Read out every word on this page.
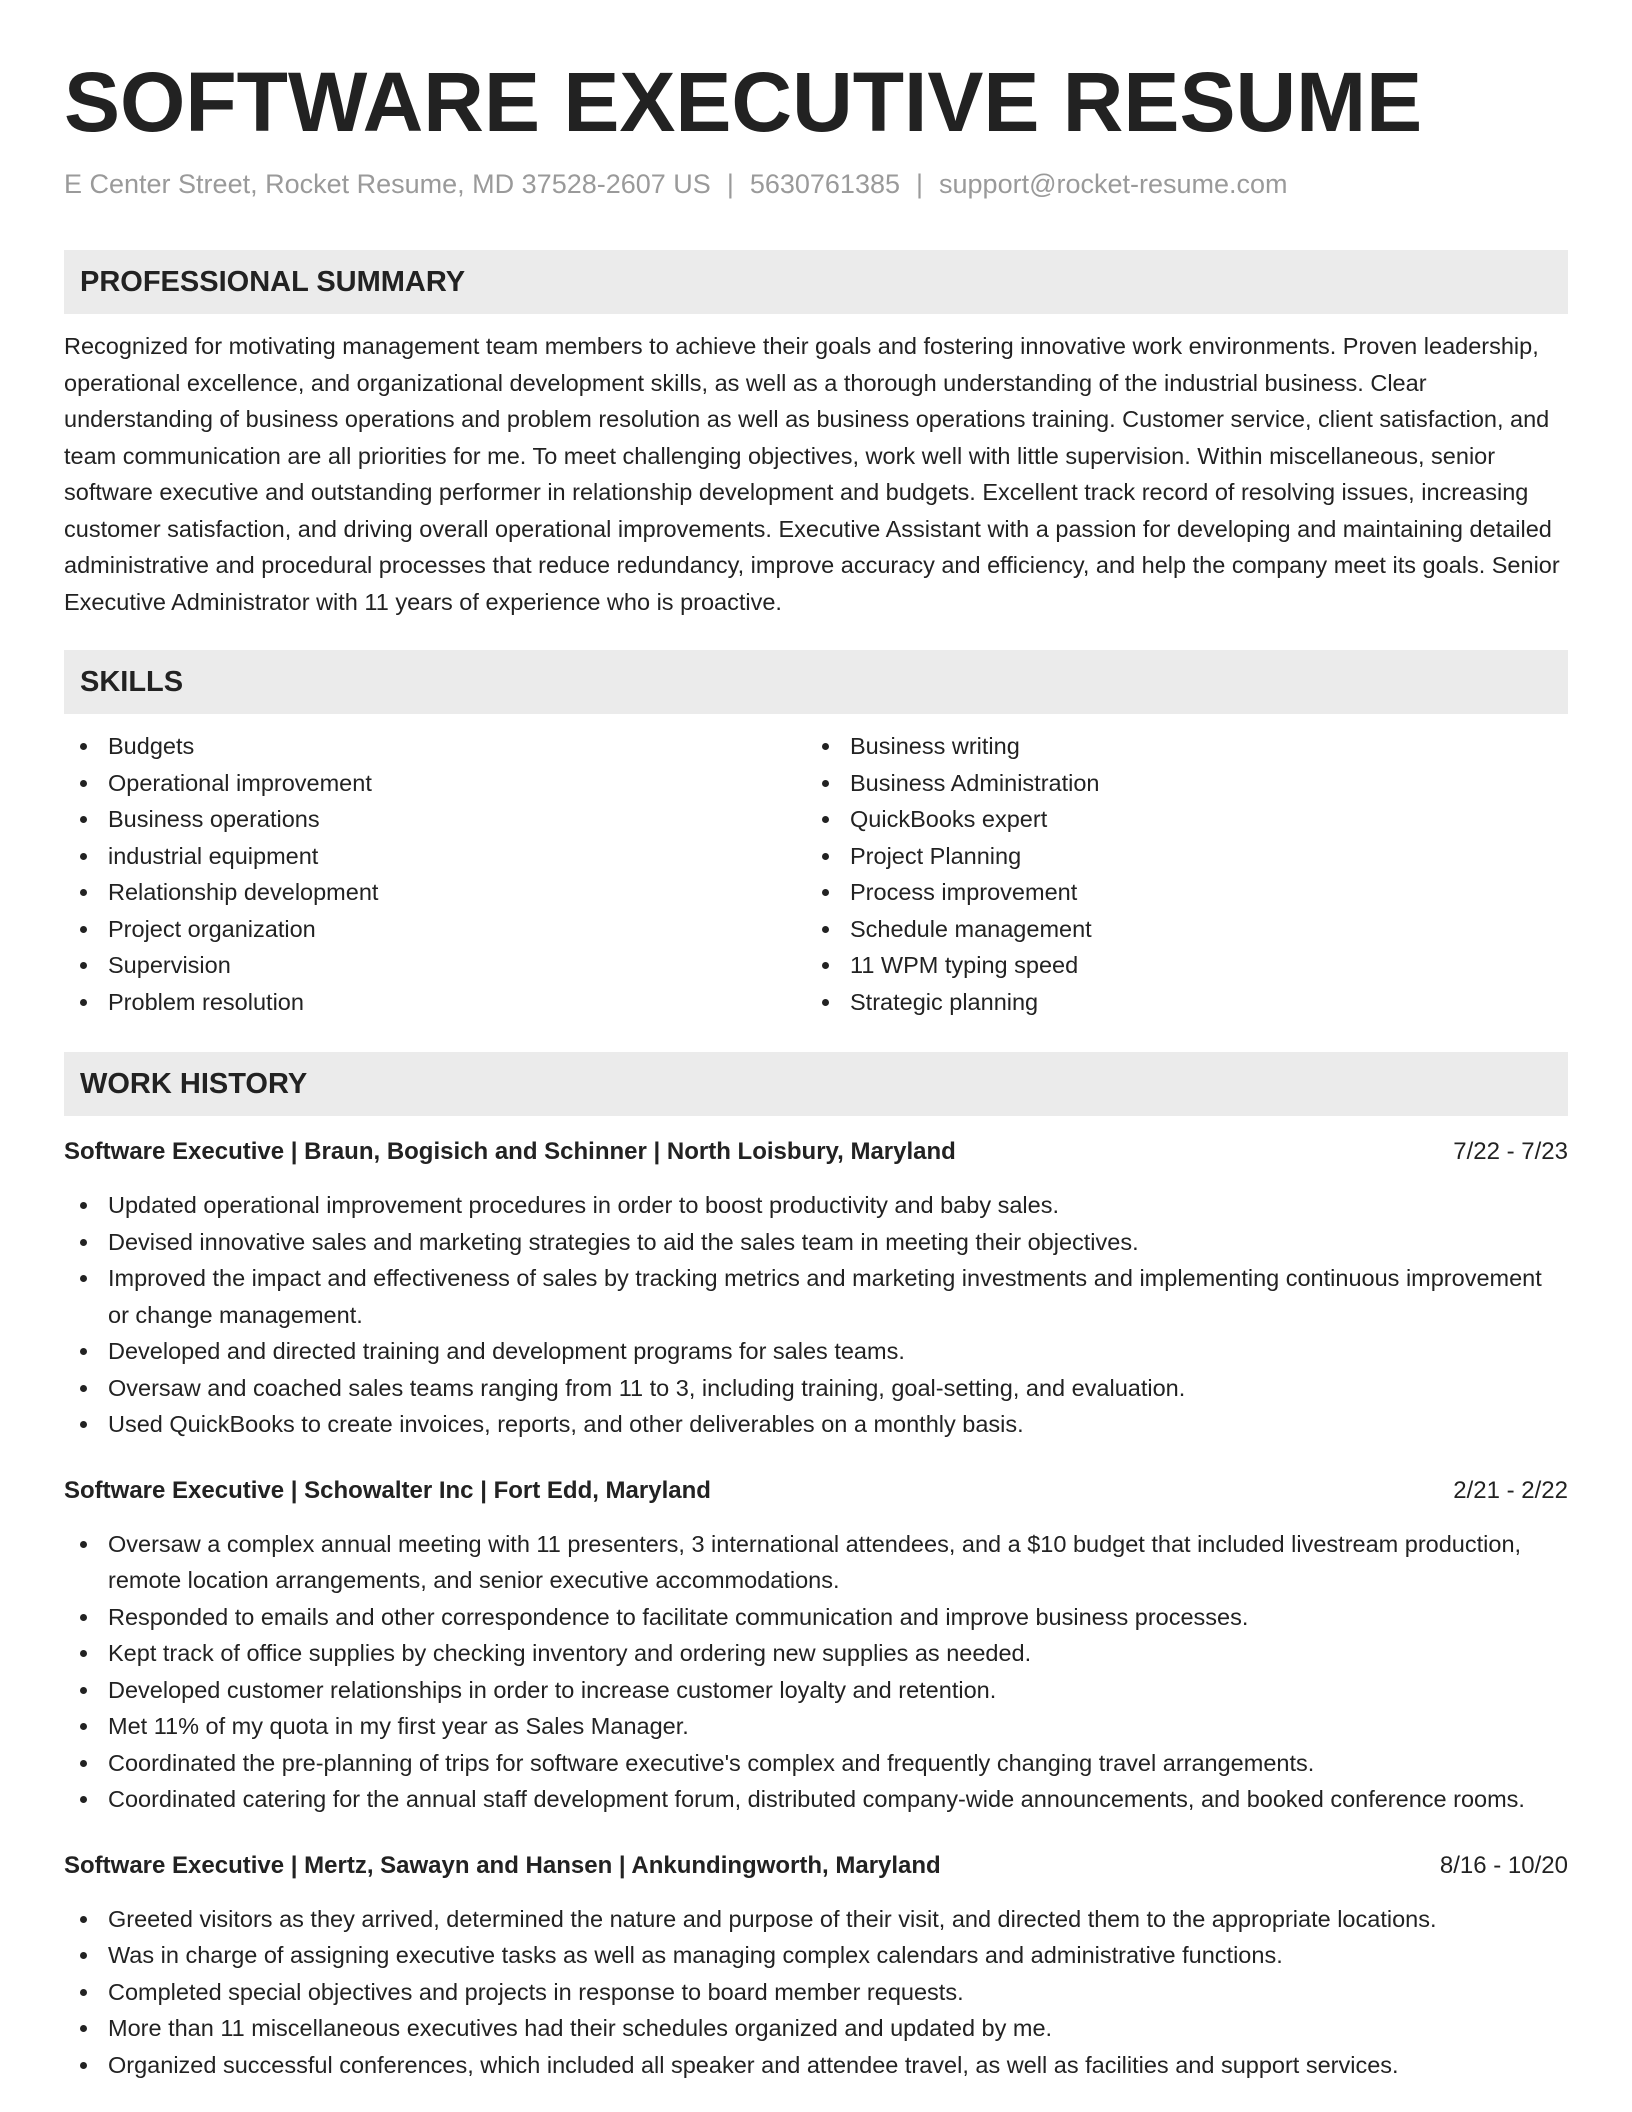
SOFTWARE EXECUTIVE RESUME
E Center Street, Rocket Resume, MD 37528-2607 US | 5630761385 | support@rocket-resume.com
PROFESSIONAL SUMMARY

Recognized for motivating management team members to achieve their goals and fostering innovative work environments. Proven leadership, operational excellence, and organizational development skills, as well as a thorough understanding of the industrial business. Clear understanding of business operations and problem resolution as well as business operations training. Customer service, client satisfaction, and team communication are all priorities for me. To meet challenging objectives, work well with little supervision. Within miscellaneous, senior software executive and outstanding performer in relationship development and budgets. Excellent track record of resolving issues, increasing customer satisfaction, and driving overall operational improvements. Executive Assistant with a passion for developing and maintaining detailed administrative and procedural processes that reduce redundancy, improve accuracy and efficiency, and help the company meet its goals. Senior Executive Administrator with 11 years of experience who is proactive.

SKILLS
Budgets
Operational improvement
Business operations
industrial equipment
Relationship development
Project organization
Supervision
Problem resolution
Business writing
Business Administration
QuickBooks expert
Project Planning
Process improvement
Schedule management
11 WPM typing speed
Strategic planning
WORK HISTORY
Software Executive | Braun, Bogisich and Schinner | North Loisbury, Maryland	7/22 - 7/23
Updated operational improvement procedures in order to boost productivity and baby sales.
Devised innovative sales and marketing strategies to aid the sales team in meeting their objectives.
Improved the impact and effectiveness of sales by tracking metrics and marketing investments and implementing continuous improvement or change management.
Developed and directed training and development programs for sales teams.
Oversaw and coached sales teams ranging from 11 to 3, including training, goal-setting, and evaluation.
Used QuickBooks to create invoices, reports, and other deliverables on a monthly basis.
Software Executive | Schowalter Inc | Fort Edd, Maryland	2/21 - 2/22
Oversaw a complex annual meeting with 11 presenters, 3 international attendees, and a $10 budget that included livestream production, remote location arrangements, and senior executive accommodations.
Responded to emails and other correspondence to facilitate communication and improve business processes.
Kept track of office supplies by checking inventory and ordering new supplies as needed.
Developed customer relationships in order to increase customer loyalty and retention.
Met 11% of my quota in my first year as Sales Manager.
Coordinated the pre-planning of trips for software executive's complex and frequently changing travel arrangements.
Coordinated catering for the annual staff development forum, distributed company-wide announcements, and booked conference rooms.
Software Executive | Mertz, Sawayn and Hansen | Ankundingworth, Maryland	8/16 - 10/20
Greeted visitors as they arrived, determined the nature and purpose of their visit, and directed them to the appropriate locations.
Was in charge of assigning executive tasks as well as managing complex calendars and administrative functions.
Completed special objectives and projects in response to board member requests.
More than 11 miscellaneous executives had their schedules organized and updated by me.
Organized successful conferences, which included all speaker and attendee travel, as well as facilities and support services.
